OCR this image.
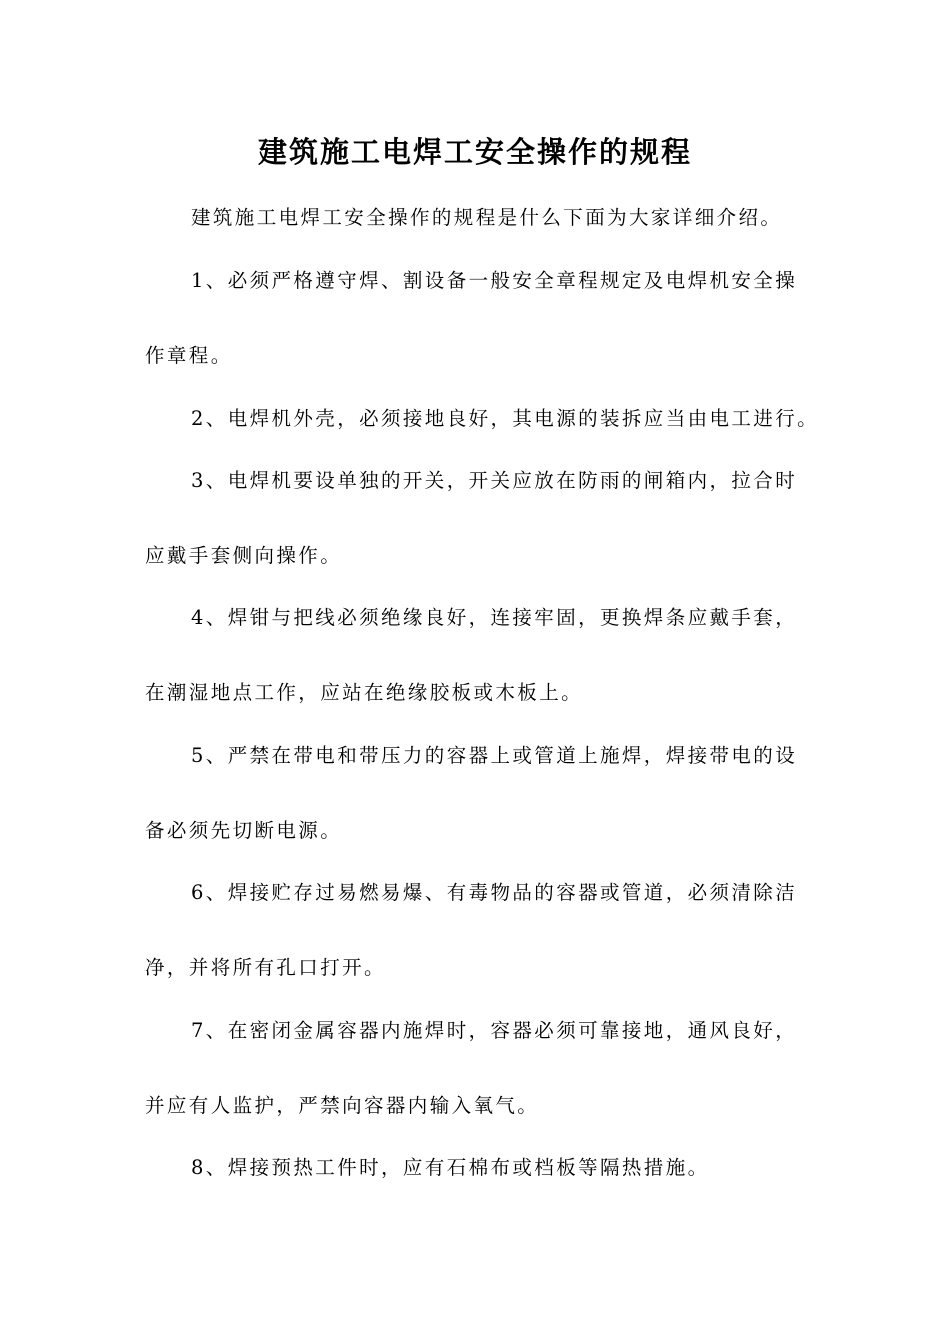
建筑施工电焊工安全操作的规程
建筑施工电焊工安全操作的规程是什么下面为大家详细介绍。
1、必须严格遵守焊、割设备一般安全章程规定及电焊机安全操
作章程。
2、电焊机外壳，必须接地良好，其电源的装拆应当由电工进行。
3、电焊机要设单独的开关，开关应放在防雨的闸箱内，拉合时
应戴手套侧向操作。
4、焊钳与把线必须绝缘良好，连接牢固，更换焊条应戴手套，
在潮湿地点工作，应站在绝缘胶板或木板上。
5、严禁在带电和带压力的容器上或管道上施焊，焊接带电的设
备必须先切断电源。
6、焊接贮存过易燃易爆、有毒物品的容器或管道，必须清除洁
净，并将所有孔口打开。
7、在密闭金属容器内施焊时，容器必须可靠接地，通风良好，
并应有人监护，严禁向容器内输入氧气。
8、焊接预热工件时，应有石棉布或档板等隔热措施。
